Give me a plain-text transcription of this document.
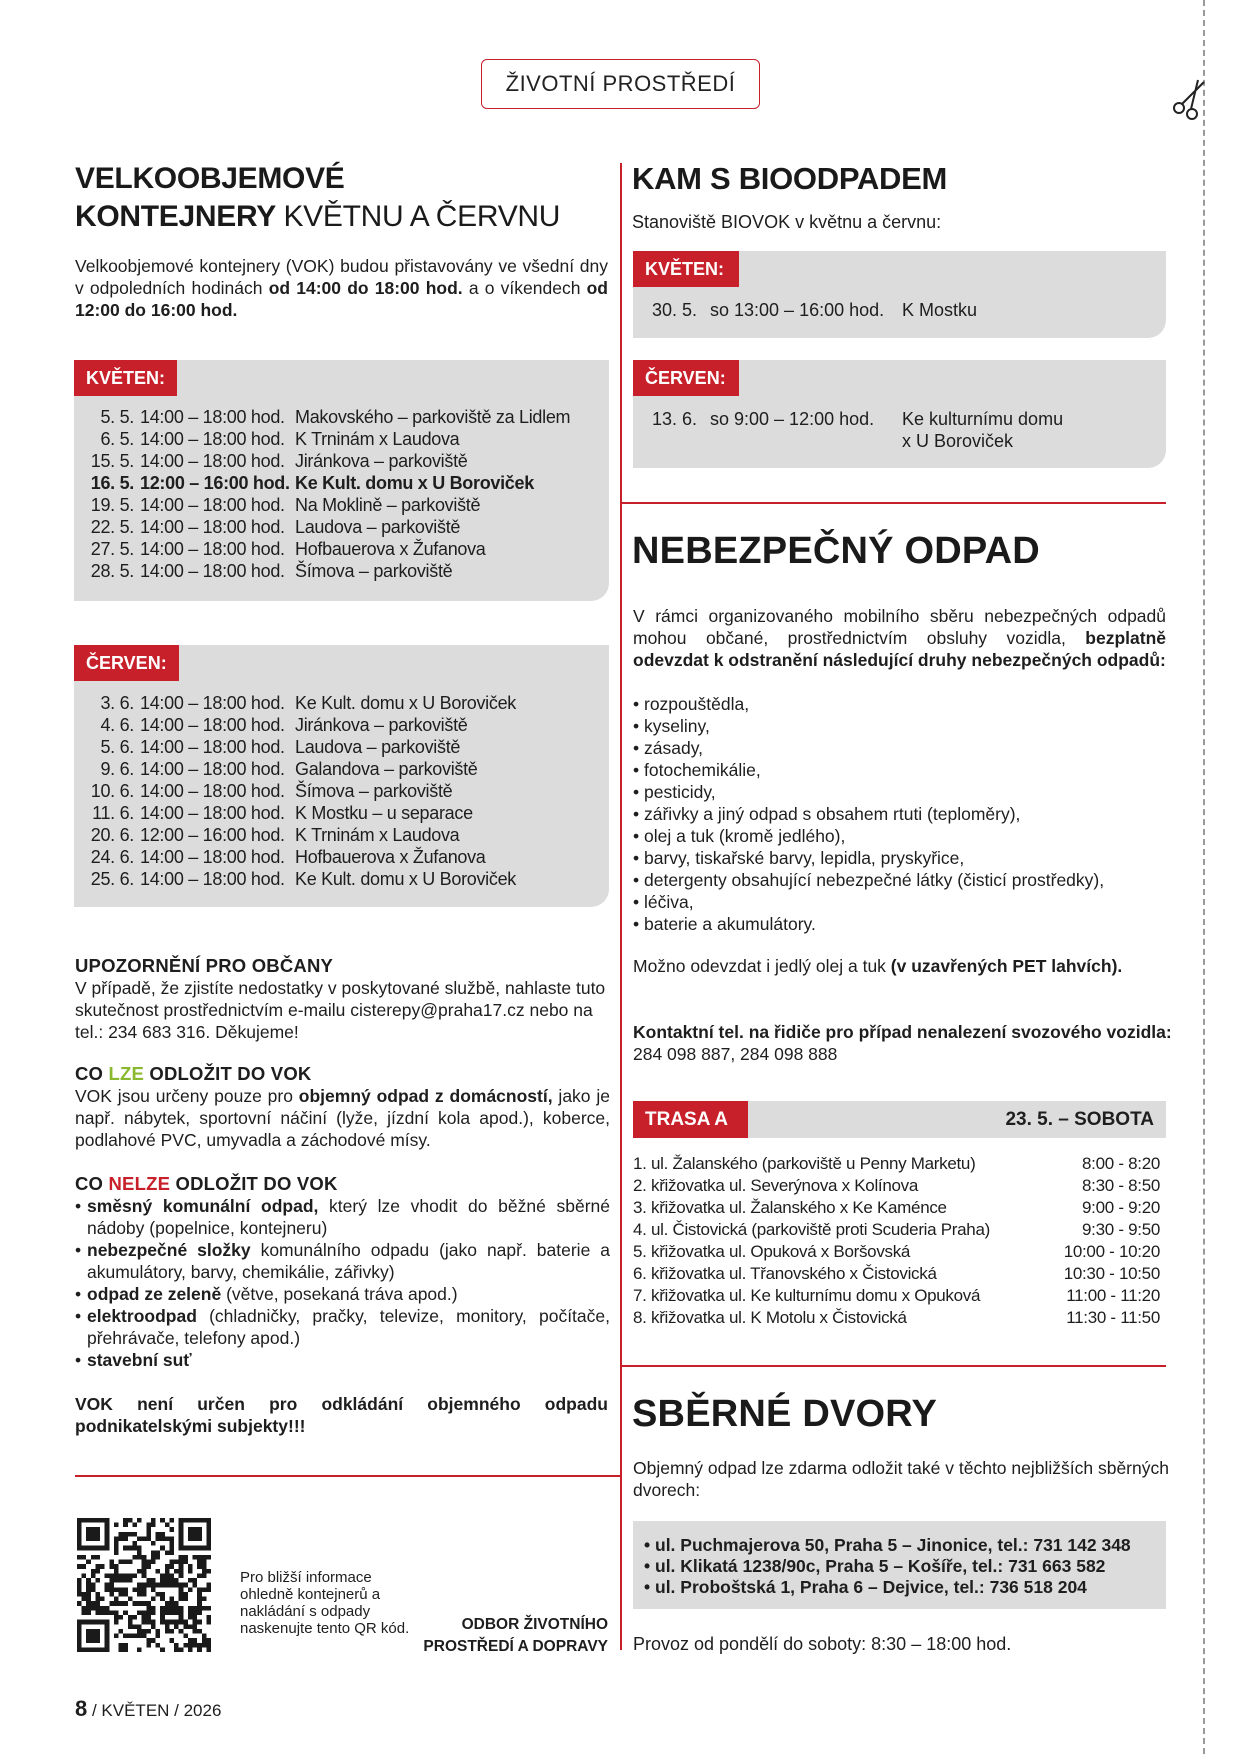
ŽIVOTNÍ PROSTŘEDÍ
VELKOOBJEMOVÉ
KONTEJNERY KVĚTNU A ČERVNU

Velkoobjemové kontejnery (VOK) budou přistavovány ve všední dny v odpoledních hodinách od 14:00 do 18:00 hod. a o víkendech od 12:00 do 16:00 hod.

KVĚTEN:
5. 5. 14:00 – 18:00 hod. Makovského – parkoviště za Lidlem
6. 5. 14:00 – 18:00 hod. K Trninám x Laudova
15. 5. 14:00 – 18:00 hod. Jiránkova – parkoviště
16. 5. 12:00 – 16:00 hod. Ke Kult. domu x U Boroviček
19. 5. 14:00 – 18:00 hod. Na Moklině – parkoviště
22. 5. 14:00 – 18:00 hod. Laudova – parkoviště
27. 5. 14:00 – 18:00 hod. Hofbauerova x Žufanova
28. 5. 14:00 – 18:00 hod. Šímova – parkoviště
ČERVEN:
3. 6. 14:00 – 18:00 hod. Ke Kult. domu x U Boroviček
4. 6. 14:00 – 18:00 hod. Jiránkova – parkoviště
5. 6. 14:00 – 18:00 hod. Laudova – parkoviště
9. 6. 14:00 – 18:00 hod. Galandova – parkoviště
10. 6. 14:00 – 18:00 hod. Šímova – parkoviště
11. 6. 14:00 – 18:00 hod. K Mostku – u separace
20. 6. 12:00 – 16:00 hod. K Trninám x Laudova
24. 6. 14:00 – 18:00 hod. Hofbauerova x Žufanova
25. 6. 14:00 – 18:00 hod. Ke Kult. domu x U Boroviček
UPOZORNĚNÍ PRO OBČANY

V případě, že zjistíte nedostatky v poskytované službě, nahlaste tuto skutečnost prostřednictvím e-mailu cisterepy@praha17.cz nebo na tel.: 234 683 316. Děkujeme!

CO LZE ODLOŽIT DO VOK

VOK jsou určeny pouze pro objemný odpad z domácností, jako je např. nábytek, sportovní náčiní (lyže, jízdní kola apod.), koberce, podlahové PVC, umyvadla a záchodové mísy.

CO NELZE ODLOŽIT DO VOK
• směsný komunální odpad, který lze vhodit do běžné sběrné nádoby (popelnice, kontejneru)
• nebezpečné složky komunálního odpadu (jako např. baterie a akumulátory, barvy, chemikálie, zářivky)
• odpad ze zeleně (větve, posekaná tráva apod.)
• elektroodpad (chladničky, pračky, televize, monitory, počítače, přehrávače, telefony apod.)
• stavební suť

VOK není určen pro odkládání objemného odpadu podnikatelskými subjekty!!!

Pro bližší informace ohledně kontejnerů a nakládání s odpady naskenujte tento QR kód.	ODBOR ŽIVOTNÍHO
PROSTŘEDÍ A DOPRAVY
8 / KVĚTEN / 2026
KAM S BIOODPADEM

Stanoviště BIOVOK v květnu a červnu:

KVĚTEN:
30. 5. so 13:00 – 16:00 hod. K Mostku
ČERVEN:
13. 6. so 9:00 – 12:00 hod.	Ke kulturnímu domu
x U Boroviček
NEBEZPEČNÝ ODPAD

V rámci organizovaného mobilního sběru nebezpečných odpadů mohou občané, prostřednictvím obsluhy vozidla, bezplatně odevzdat k odstranění následující druhy nebezpečných odpadů:

• rozpouštědla,
• kyseliny,
• zásady,
• fotochemikálie,
• pesticidy,
• zářivky a jiný odpad s obsahem rtuti (teploměry),
• olej a tuk (kromě jedlého),
• barvy, tiskařské barvy, lepidla, pryskyřice,
• detergenty obsahující nebezpečné látky (čisticí prostředky),
• léčiva,
• baterie a akumulátory.

Možno odevzdat i jedlý olej a tuk (v uzavřených PET lahvích).

Kontaktní tel. na řidiče pro případ nenalezení svozového vozidla: 284 098 887, 284 098 888

TRASA A	23. 5. – SOBOTA
1. ul. Žalanského (parkoviště u Penny Marketu)	8:00 - 8:20
2. křižovatka ul. Severýnova x Kolínova	8:30 - 8:50
3. křižovatka ul. Žalanského x Ke Kaménce	9:00 - 9:20
4. ul. Čistovická (parkoviště proti Scuderia Praha)	9:30 - 9:50
5. křižovatka ul. Opuková x Boršovská	10:00 - 10:20
6. křižovatka ul. Třanovského x Čistovická	10:30 - 10:50
7. křižovatka ul. Ke kulturnímu domu x Opuková	11:00 - 11:20
8. křižovatka ul. K Motolu x Čistovická	11:30 - 11:50
SBĚRNÉ DVORY

Objemný odpad lze zdarma odložit také v těchto nejbližších sběrných dvorech:

• ul. Puchmajerova 50, Praha 5 – Jinonice, tel.: 731 142 348
• ul. Klikatá 1238/90c, Praha 5 – Košíře, tel.: 731 663 582
• ul. Proboštská 1, Praha 6 – Dejvice, tel.: 736 518 204

Provoz od pondělí do soboty: 8:30 – 18:00 hod.
